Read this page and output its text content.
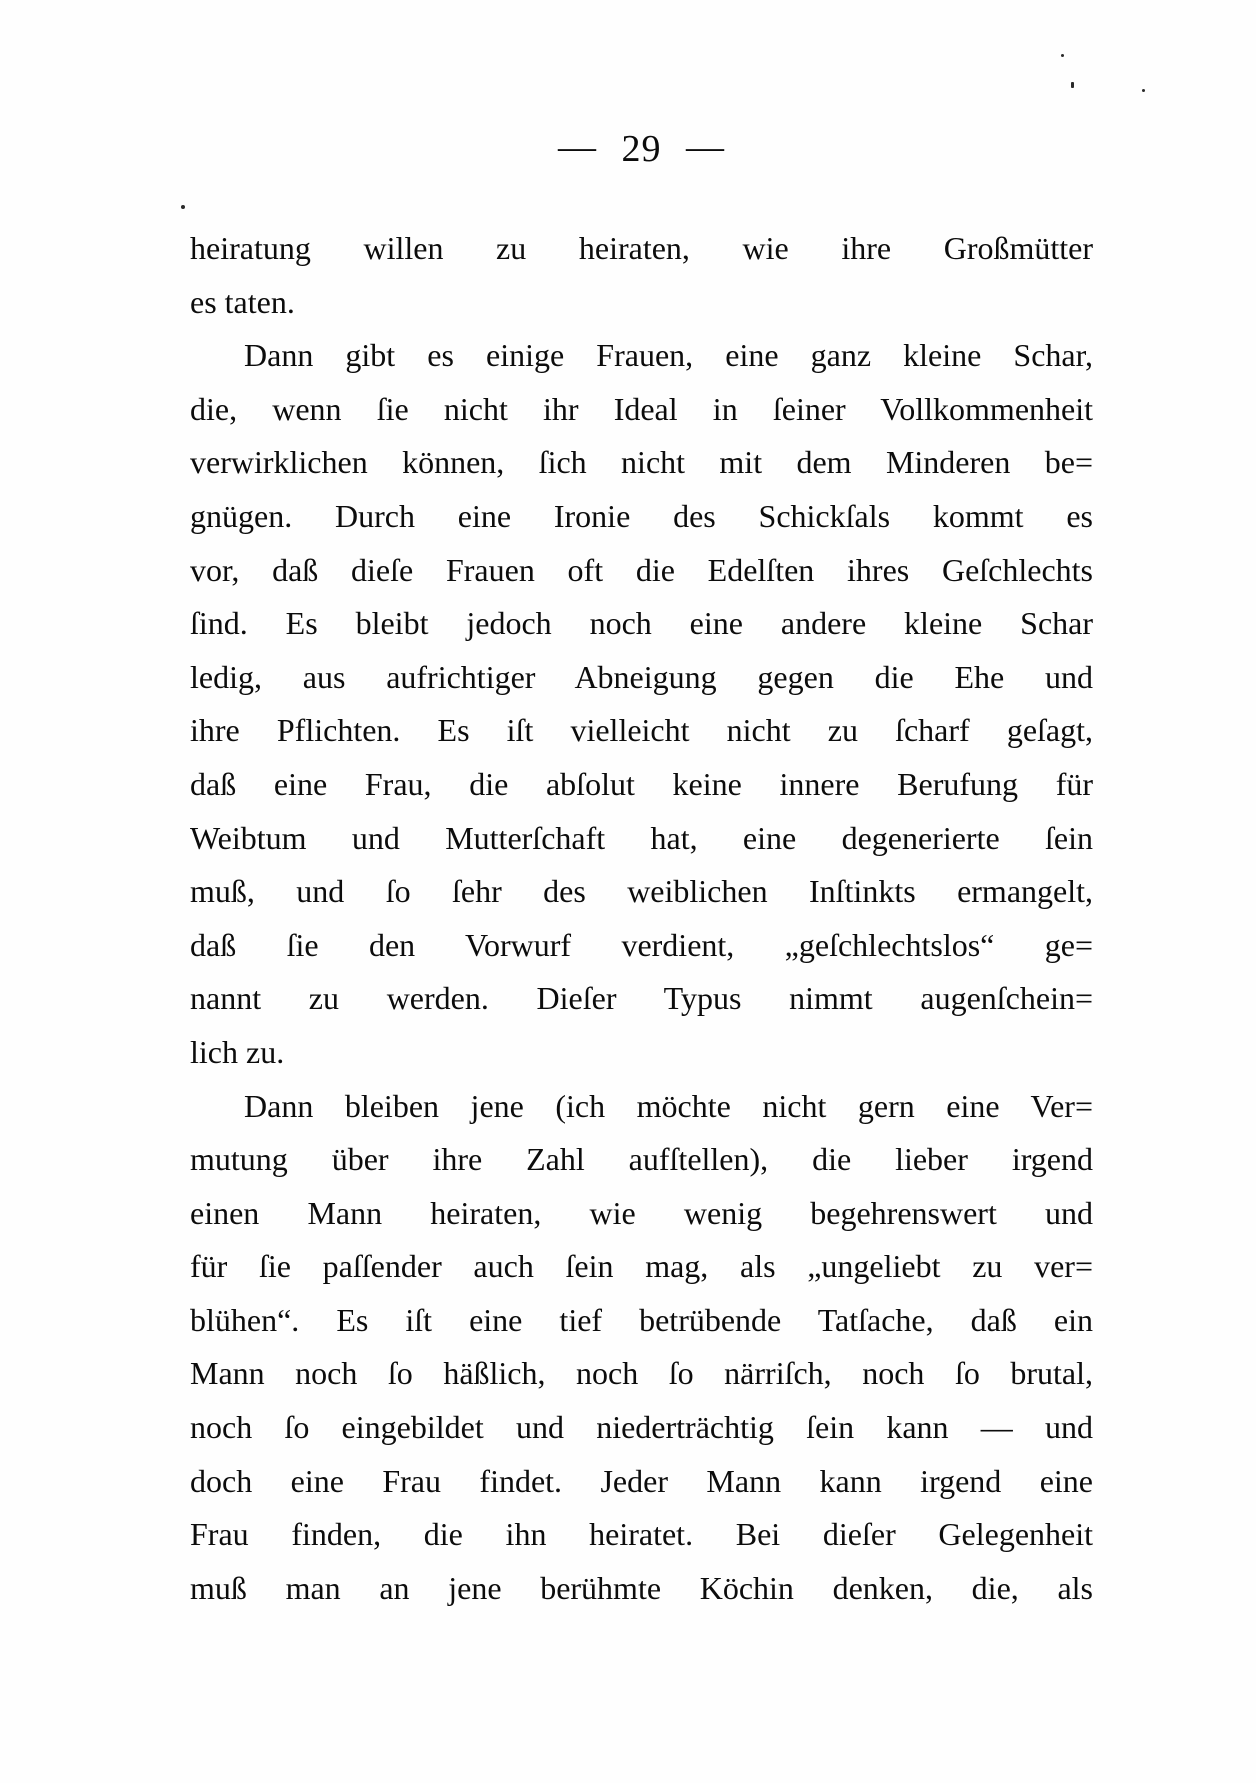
— 29 —
heiratung willen zu heiraten, wie ihre Großmütter
es taten.
Dann gibt es einige Frauen, eine ganz kleine Schar,
die, wenn ſie nicht ihr Ideal in ſeiner Vollkommenheit
verwirklichen können, ſich nicht mit dem Minderen be=
gnügen. Durch eine Ironie des Schickſals kommt es
vor, daß dieſe Frauen oft die Edelſten ihres Geſchlechts
ſind. Es bleibt jedoch noch eine andere kleine Schar
ledig, aus aufrichtiger Abneigung gegen die Ehe und
ihre Pflichten. Es iſt vielleicht nicht zu ſcharf geſagt,
daß eine Frau, die abſolut keine innere Berufung für
Weibtum und Mutterſchaft hat, eine degenerierte ſein
muß, und ſo ſehr des weiblichen Inſtinkts ermangelt,
daß ſie den Vorwurf verdient, „geſchlechtslos“ ge=
nannt zu werden. Dieſer Typus nimmt augenſchein=
lich zu.
Dann bleiben jene (ich möchte nicht gern eine Ver=
mutung über ihre Zahl aufſtellen), die lieber irgend
einen Mann heiraten, wie wenig begehrenswert und
für ſie paſſender auch ſein mag, als „ungeliebt zu ver=
blühen“. Es iſt eine tief betrübende Tatſache, daß ein
Mann noch ſo häßlich, noch ſo närriſch, noch ſo brutal,
noch ſo eingebildet und niederträchtig ſein kann — und
doch eine Frau findet. Jeder Mann kann irgend eine
Frau finden, die ihn heiratet. Bei dieſer Gelegenheit
muß man an jene berühmte Köchin denken, die, als
